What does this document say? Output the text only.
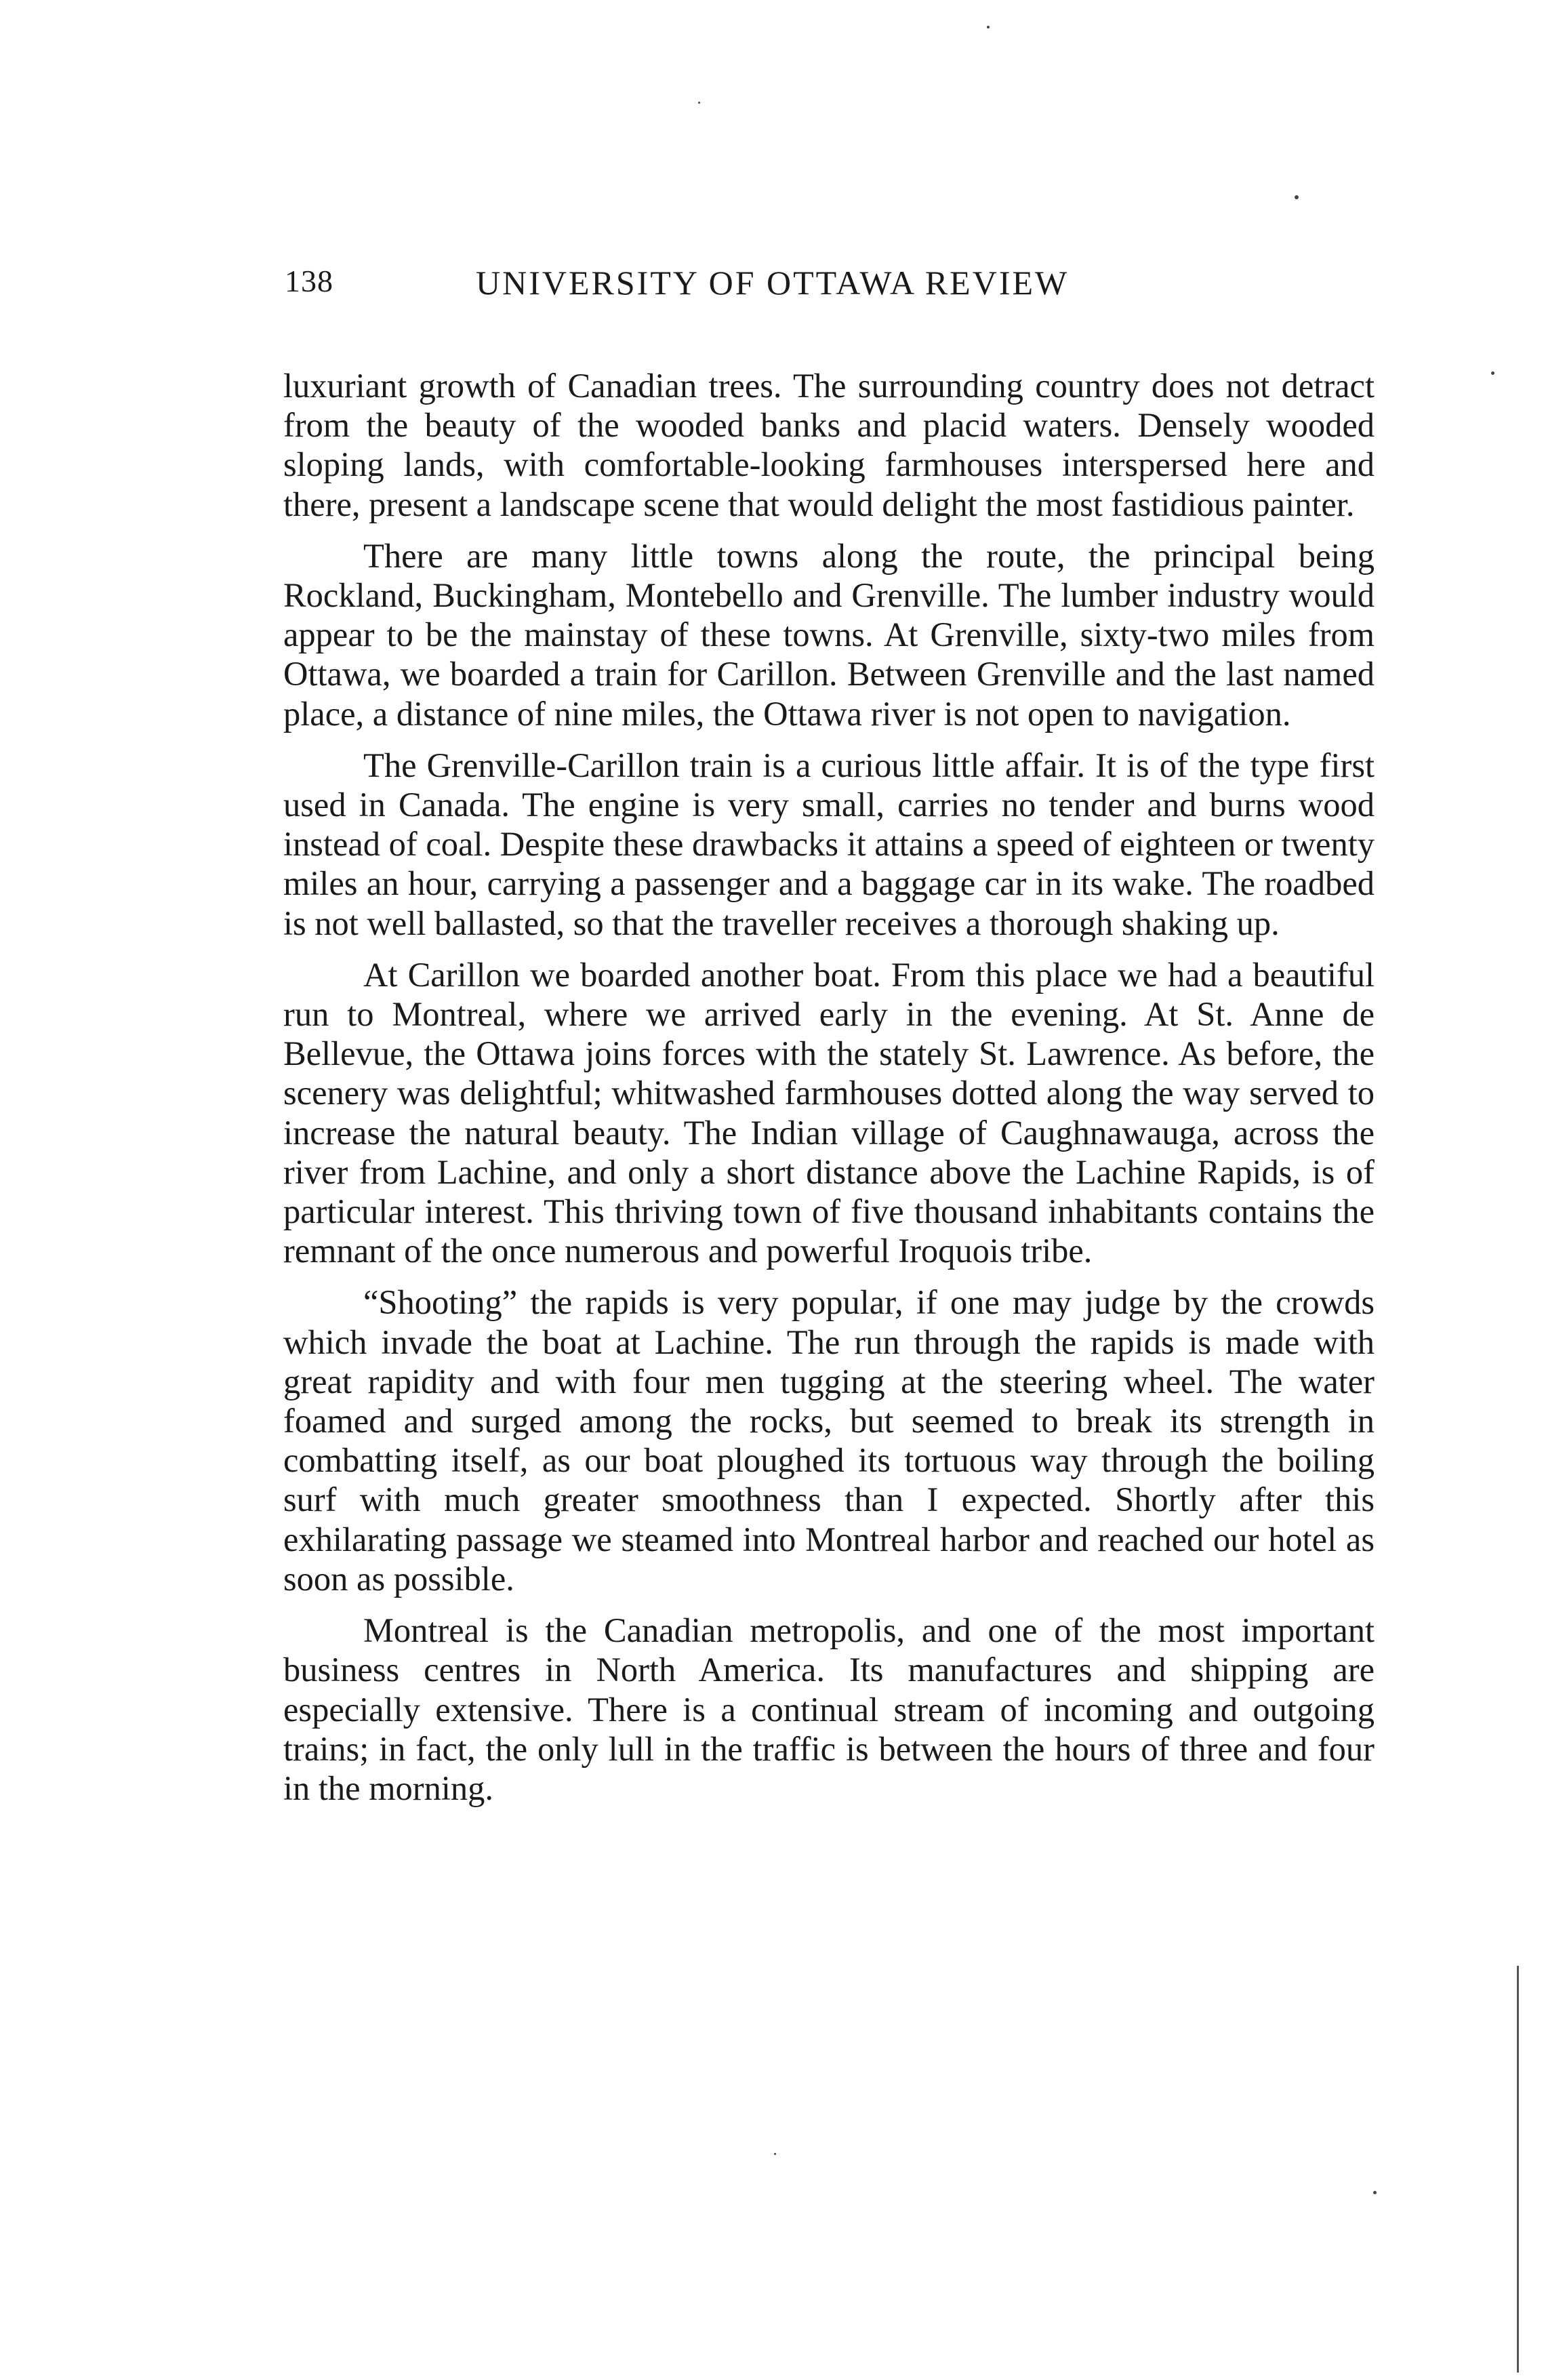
138	UNIVERSITY OF OTTAWA REVIEW

luxuriant growth of Canadian trees. The surrounding country does not detract from the beauty of the wooded banks and placid waters. Densely wooded sloping lands, with comfortable-looking farmhouses interspersed here and there, present a landscape scene that would delight the most fastidious painter.

There are many little towns along the route, the principal being Rockland, Buckingham, Montebello and Grenville. The lumber industry would appear to be the mainstay of these towns. At Grenville, sixty-two miles from Ottawa, we boarded a train for Carillon. Between Grenville and the last named place, a distance of nine miles, the Ottawa river is not open to navigation.

The Grenville-Carillon train is a curious little affair. It is of the type first used in Canada. The engine is very small, carries no tender and burns wood instead of coal. Despite these drawbacks it attains a speed of eighteen or twenty miles an hour, carrying a passenger and a baggage car in its wake. The roadbed is not well ballasted, so that the traveller receives a thorough shaking up.

At Carillon we boarded another boat. From this place we had a beautiful run to Montreal, where we arrived early in the evening. At St. Anne de Bellevue, the Ottawa joins forces with the stately St. Lawrence. As before, the scenery was delightful; whitwashed farmhouses dotted along the way served to increase the natural beauty. The Indian village of Caughnawauga, across the river from Lachine, and only a short distance above the Lachine Rapids, is of particular interest. This thriving town of five thousand inhabitants contains the remnant of the once numerous and powerful Iroquois tribe.

“Shooting” the rapids is very popular, if one may judge by the crowds which invade the boat at Lachine. The run through the rapids is made with great rapidity and with four men tugging at the steering wheel. The water foamed and surged among the rocks, but seemed to break its strength in combatting itself, as our boat ploughed its tortuous way through the boiling surf with much greater smoothness than I expected. Shortly after this exhilarating passage we steamed into Montreal harbor and reached our hotel as soon as possible.

Montreal is the Canadian metropolis, and one of the most important business centres in North America. Its manufactures and shipping are especially extensive. There is a continual stream of incoming and outgoing trains; in fact, the only lull in the traffic is between the hours of three and four in the morning.
